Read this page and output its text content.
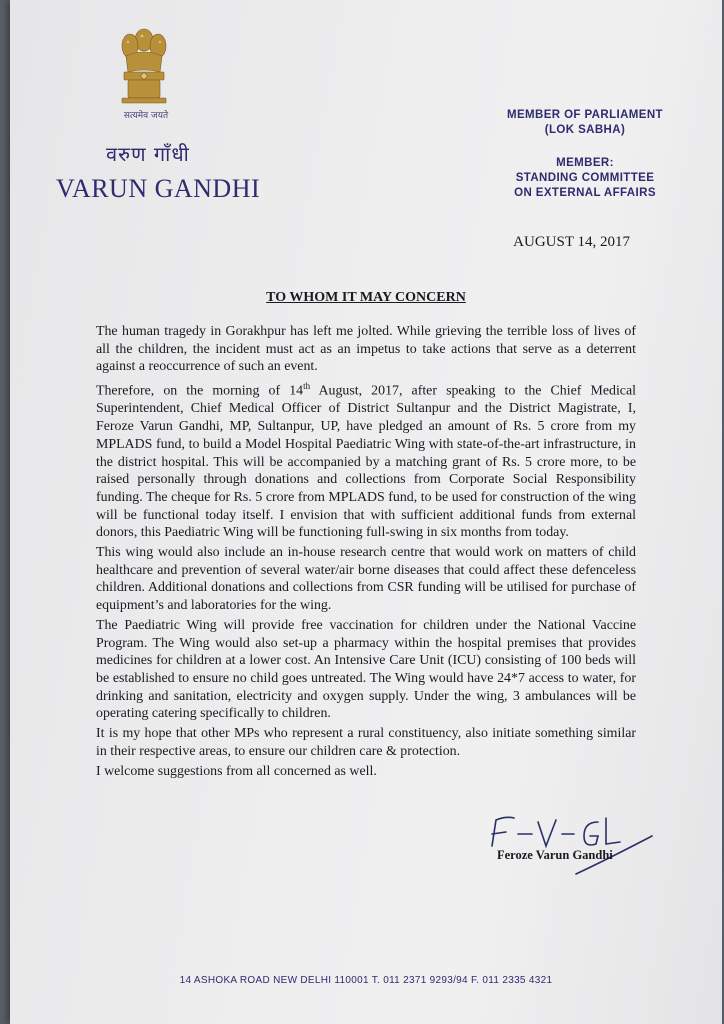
सत्यमेव जयते
वरुण गाँधी
VARUN GANDHI
MEMBER OF PARLIAMENT
(LOK SABHA)
MEMBER:
STANDING COMMITTEE
ON EXTERNAL AFFAIRS
AUGUST 14, 2017
TO WHOM IT MAY CONCERN

The human tragedy in Gorakhpur has left me jolted. While grieving the terrible loss of lives of all the children, the incident must act as an impetus to take actions that serve as a deterrent against a reoccurrence of such an event.

Therefore, on the morning of 14th August, 2017, after speaking to the Chief Medical Superintendent, Chief Medical Officer of District Sultanpur and the District Magistrate, I, Feroze Varun Gandhi, MP, Sultanpur, UP, have pledged an amount of Rs. 5 crore from my MPLADS fund, to build a Model Hospital Paediatric Wing with state-of-the-art infrastructure, in the district hospital. This will be accompanied by a matching grant of Rs. 5 crore more, to be raised personally through donations and collections from Corporate Social Responsibility funding. The cheque for Rs. 5 crore from MPLADS fund, to be used for construction of the wing will be functional today itself. I envision that with sufficient additional funds from external donors, this Paediatric Wing will be functioning full-swing in six months from today.

This wing would also include an in-house research centre that would work on matters of child healthcare and prevention of several water/air borne diseases that could affect these defenceless children. Additional donations and collections from CSR funding will be utilised for purchase of equipment’s and laboratories for the wing.

The Paediatric Wing will provide free vaccination for children under the National Vaccine Program. The Wing would also set-up a pharmacy within the hospital premises that provides medicines for children at a lower cost. An Intensive Care Unit (ICU) consisting of 100 beds will be established to ensure no child goes untreated. The Wing would have 24*7 access to water, for drinking and sanitation, electricity and oxygen supply. Under the wing, 3 ambulances will be operating catering specifically to children.

It is my hope that other MPs who represent a rural constituency, also initiate something similar in their respective areas, to ensure our children care & protection.

I welcome suggestions from all concerned as well.

Feroze Varun Gandhi
14 ASHOKA ROAD NEW DELHI 110001 T. 011 2371 9293/94 F. 011 2335 4321
